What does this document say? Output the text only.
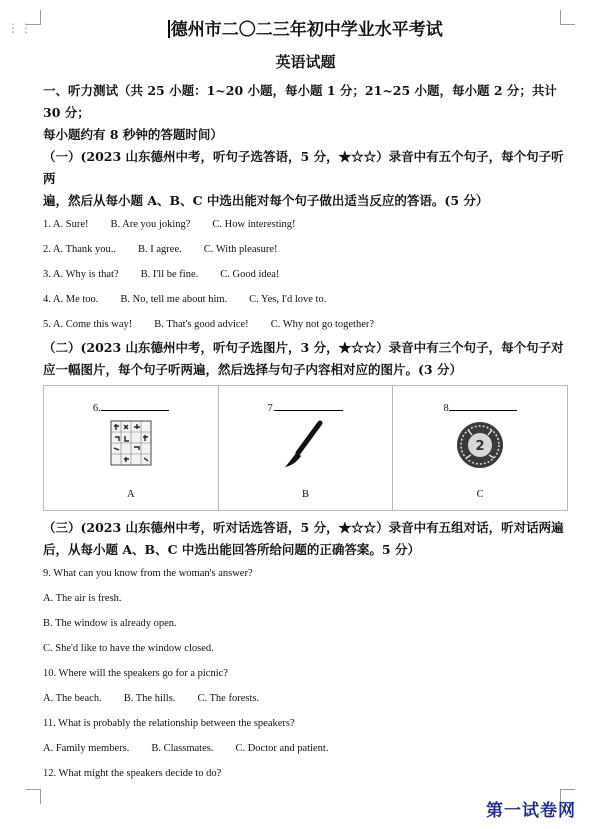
⋮⋮	德州市二〇二三年初中学业水平考试
英语试题

一、听力测试（共 25 小题：1~20 小题，每小题 1 分；21~25 小题，每小题 2 分；共计 30 分；

每小题约有 8 秒钟的答题时间）

（一）(2023 山东德州中考，听句子选答语，5 分，★☆☆）录音中有五个句子，每个句子听

两

遍，然后从每小题 A、B、C 中选出能对每个句子做出适当反应的答语。(5 分）

1. A. Sure! B. Are you joking? C. How interesting!

2. A. Thank you.. B. I agree. C. With pleasure!

3. A. Why is that? B. I'll be fine. C. Good idea!

4. A. Me too. B. No, tell me about him. C. Yes, I'd love to.

5. A. Come this way! B. That's good advice! C. Why not go together?

（二）(2023 山东德州中考，听句子选图片，3 分，★☆☆）录音中有三个句子，每个句子对

应一幅图片，每个句子听两遍，然后选择与句子内容相对应的图片。(3 分）

6.
A

7.
B

8
2
C

（三）(2023 山东德州中考，听对话选答语，5 分，★☆☆）录音中有五组对话，听对话两遍

后，从每小题 A、B、C 中选出能回答所给问题的正确答案。5 分）

9. What can you know from the woman's answer?

A. The air is fresh.

B. The window is already open.

C. She'd like to have the window closed.

10. Where will the speakers go for a picnic?

A. The beach. B. The hills. C. The forests.

11. What is probably the relationship between the speakers?

A. Family members. B. Classmates. C. Doctor and patient.

12. What might the speakers decide to do?

第一试卷网
